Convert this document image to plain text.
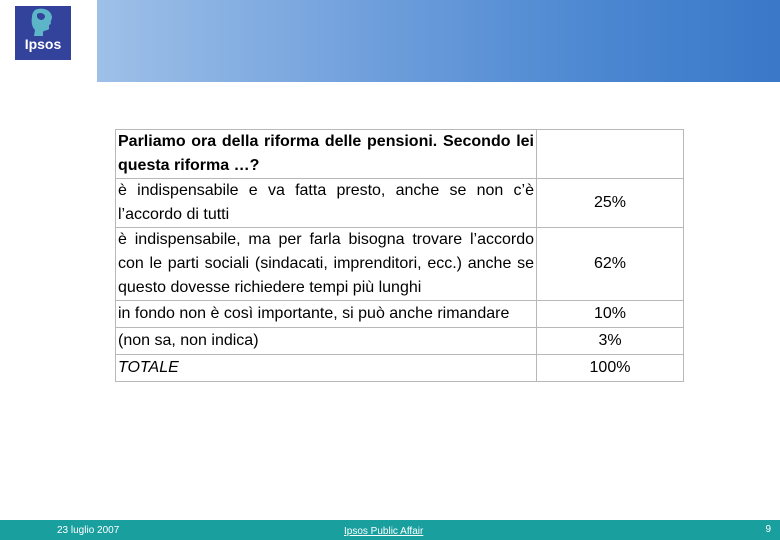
Ipsos
Parliamo ora della riforma delle pensioni. Secondo lei questa riforma …?	
è indispensabile e va fatta presto, anche se non c’è l’accordo di tutti	25%
è indispensabile, ma per farla bisogna trovare l’accordo con le parti sociali (sindacati, imprenditori, ecc.) anche se questo dovesse richiedere tempi più lunghi	62%
in fondo non è così importante, si può anche rimandare	10%
(non sa, non indica)	3%
TOTALE	100%
23 luglio 2007	Ipsos Public Affair	9
